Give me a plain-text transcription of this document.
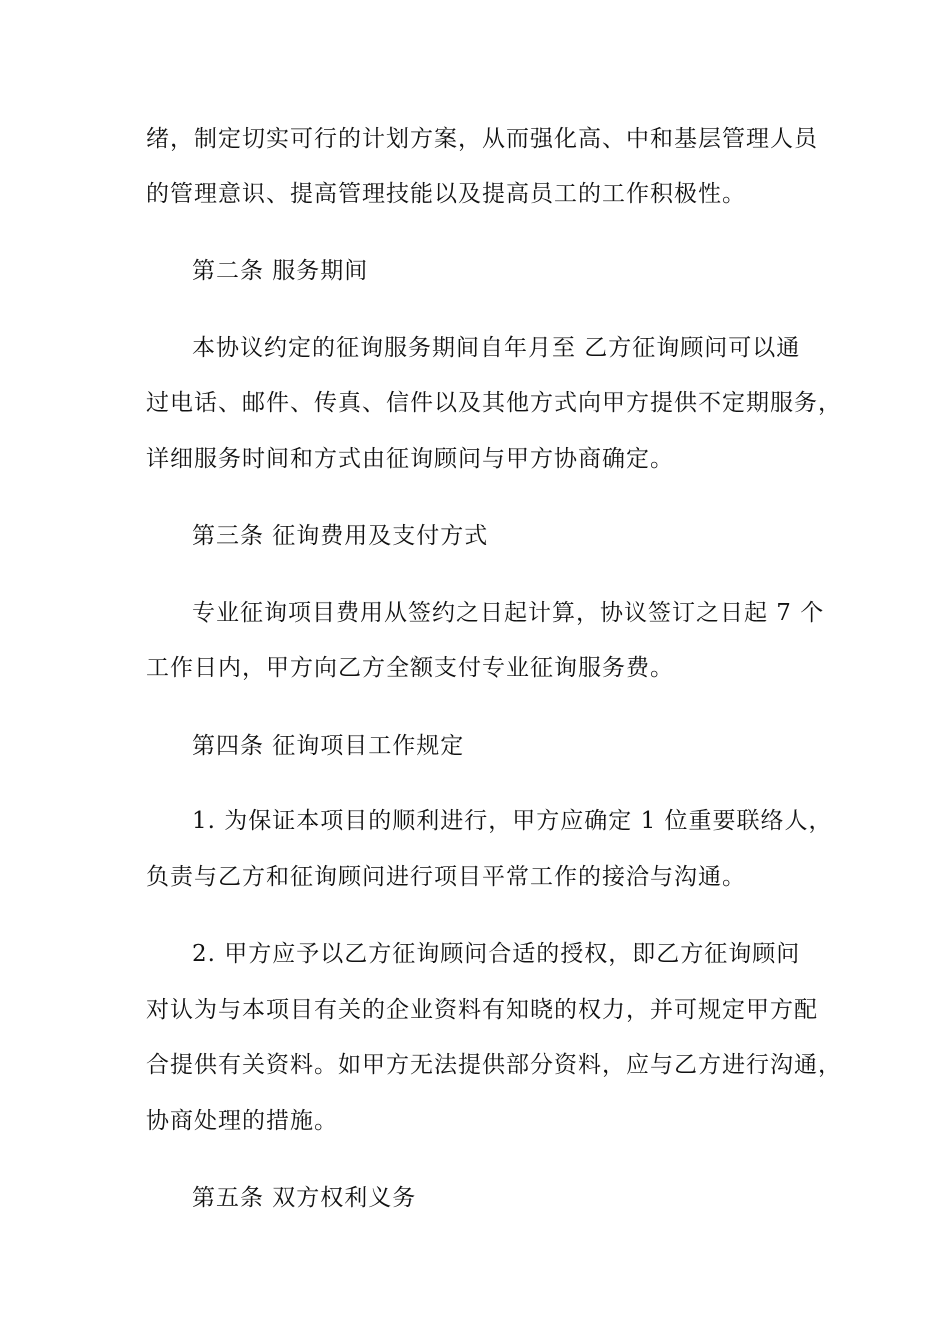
绪，制定切实可行的计划方案，从而强化高、中和基层管理人员
的管理意识、提高管理技能以及提高员工的工作积极性。
第二条 服务期间
本协议约定的征询服务期间自年月至 乙方征询顾问可以通
过电话、邮件、传真、信件以及其他方式向甲方提供不定期服务，
详细服务时间和方式由征询顾问与甲方协商确定。
第三条 征询费用及支付方式
专业征询项目费用从签约之日起计算，协议签订之日起 7 个
工作日内，甲方向乙方全额支付专业征询服务费。
第四条 征询项目工作规定
1. 为保证本项目的顺利进行，甲方应确定 1 位重要联络人，
负责与乙方和征询顾问进行项目平常工作的接洽与沟通。
2. 甲方应予以乙方征询顾问合适的授权，即乙方征询顾问
对认为与本项目有关的企业资料有知晓的权力，并可规定甲方配
合提供有关资料。如甲方无法提供部分资料，应与乙方进行沟通，
协商处理的措施。
第五条 双方权利义务
